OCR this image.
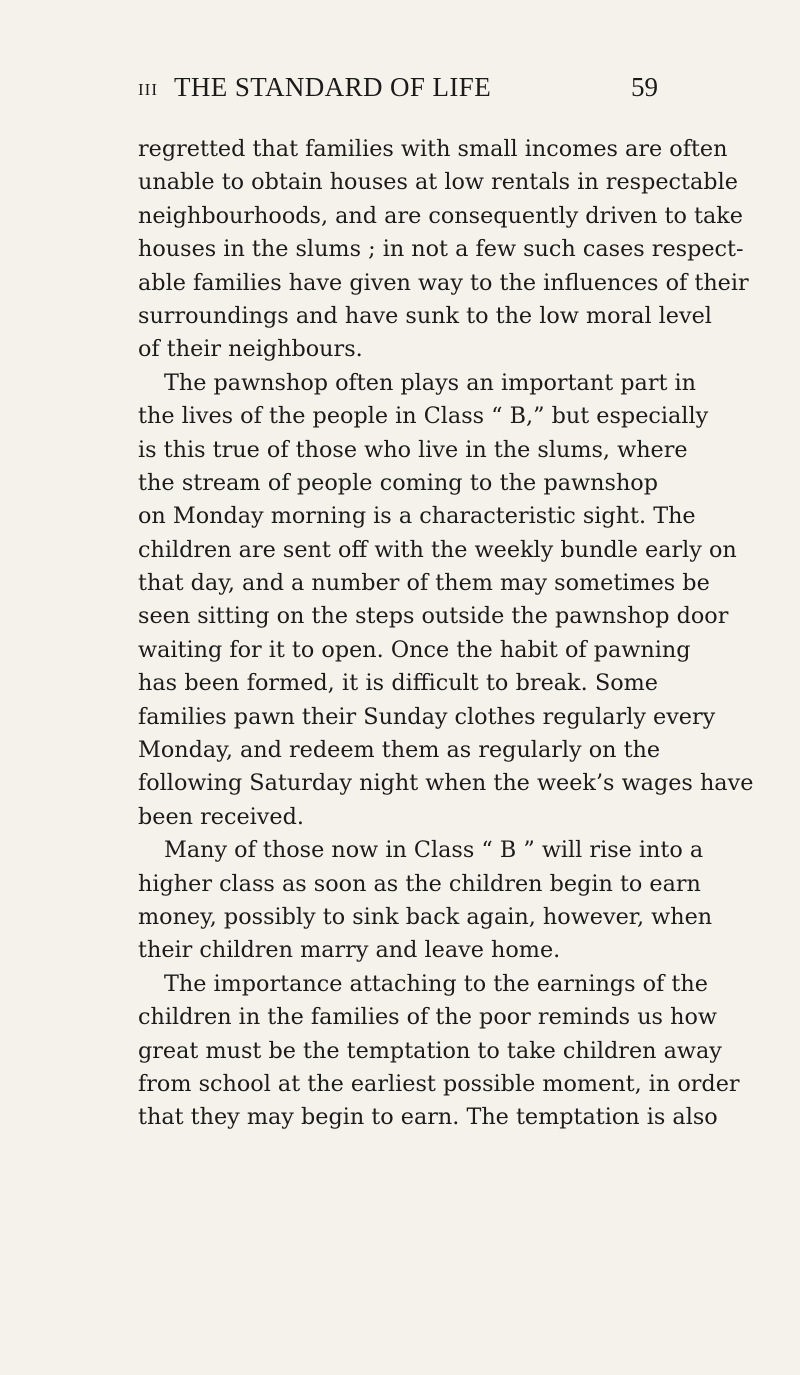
III THE STANDARD OF LIFE	59
regretted that families with small incomes are often
unable to obtain houses at low rentals in respectable
neighbourhoods, and are consequently driven to take
houses in the slums ; in not a few such cases respect-
able families have given way to the influences of their
surroundings and have sunk to the low moral level
of their neighbours.
The pawnshop often plays an important part in
the lives of the people in Class “ B,” but especially
is this true of those who live in the slums, where
the stream of people coming to the pawnshop
on Monday morning is a characteristic sight. The
children are sent off with the weekly bundle early on
that day, and a number of them may sometimes be
seen sitting on the steps outside the pawnshop door
waiting for it to open. Once the habit of pawning
has been formed, it is difficult to break. Some
families pawn their Sunday clothes regularly every
Monday, and redeem them as regularly on the
following Saturday night when the week’s wages have
been received.
Many of those now in Class “ B ” will rise into a
higher class as soon as the children begin to earn
money, possibly to sink back again, however, when
their children marry and leave home.
The importance attaching to the earnings of the
children in the families of the poor reminds us how
great must be the temptation to take children away
from school at the earliest possible moment, in order
that they may begin to earn. The temptation is also
